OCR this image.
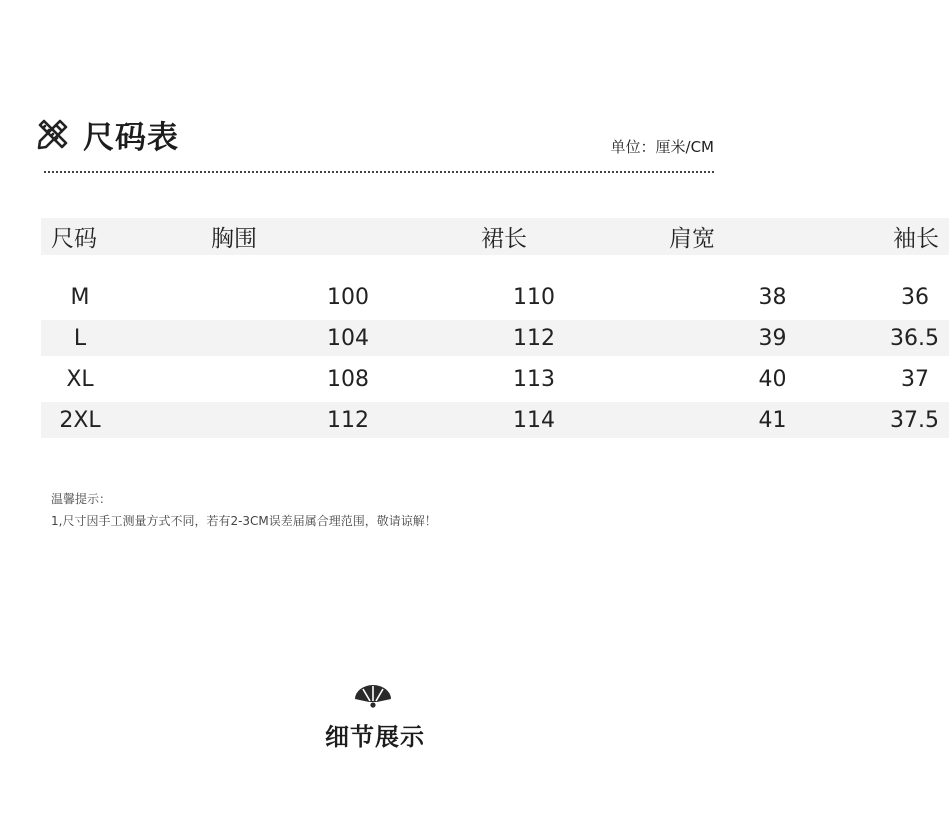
尺码表	单位：厘米/CM
尺码	胸围	裙长	肩宽	袖长

M	100	110	38	36
L	104	112	39	36.5
XL	108	113	40	37
2XL	112	114	41	37.5
温馨提示：
1,尺寸因手工测量方式不同，若有2-3CM误差届属合理范围，敬请谅解！
细节展示
